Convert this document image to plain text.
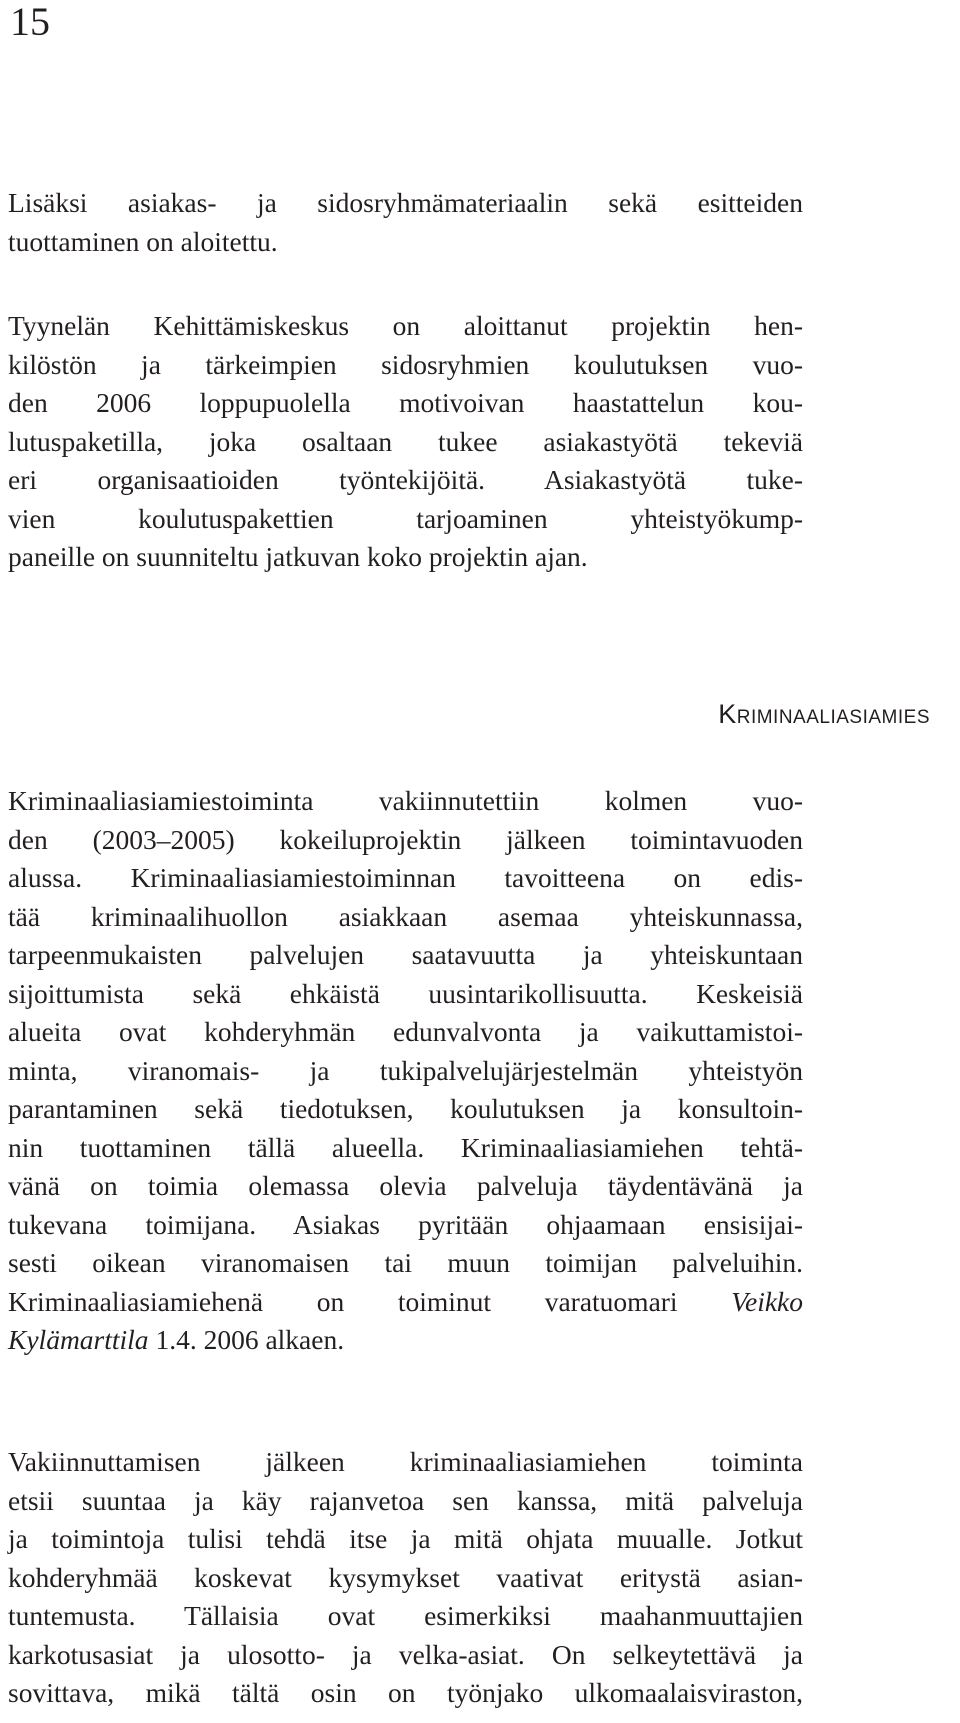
15
Lisäksi asiakas- ja sidosryhmämateriaalin sekä esitteiden
tuottaminen on aloitettu.
Tyynelän Kehittämiskeskus on aloittanut projektin hen-
kilöstön ja tärkeimpien sidosryhmien koulutuksen vuo-
den 2006 loppupuolella motivoivan haastattelun kou-
lutuspaketilla, joka osaltaan tukee asiakastyötä tekeviä
eri organisaatioiden työntekijöitä. Asiakastyötä tuke-
vien koulutuspakettien tarjoaminen yhteistyökump-
paneille on suunniteltu jatkuvan koko projektin ajan.
Kriminaaliasiamies
Kriminaaliasiamiestoiminta vakiinnutettiin kolmen vuo-
den (2003–2005) kokeiluprojektin jälkeen toimintavuoden
alussa. Kriminaaliasiamiestoiminnan tavoitteena on edis-
tää kriminaalihuollon asiakkaan asemaa yhteiskunnassa,
tarpeenmukaisten palvelujen saatavuutta ja yhteiskuntaan
sijoittumista sekä ehkäistä uusintarikollisuutta. Keskeisiä
alueita ovat kohderyhmän edunvalvonta ja vaikuttamistoi-
minta, viranomais- ja tukipalvelujärjestelmän yhteistyön
parantaminen sekä tiedotuksen, koulutuksen ja konsultoin-
nin tuottaminen tällä alueella. Kriminaaliasiamiehen tehtä-
vänä on toimia olemassa olevia palveluja täydentävänä ja
tukevana toimijana. Asiakas pyritään ohjaamaan ensisijai-
sesti oikean viranomaisen tai muun toimijan palveluihin.
Kriminaaliasiamiehenä on toiminut varatuomari Veikko
Kylämarttila 1.4. 2006 alkaen.
Vakiinnuttamisen jälkeen kriminaaliasiamiehen toiminta
etsii suuntaa ja käy rajanvetoa sen kanssa, mitä palveluja
ja toimintoja tulisi tehdä itse ja mitä ohjata muualle. Jotkut
kohderyhmää koskevat kysymykset vaativat eritystä asian-
tuntemusta. Tällaisia ovat esimerkiksi maahanmuuttajien
karkotusasiat ja ulosotto- ja velka-asiat. On selkeytettävä ja
sovittava, mikä tältä osin on työnjako ulkomaalaisviraston,
